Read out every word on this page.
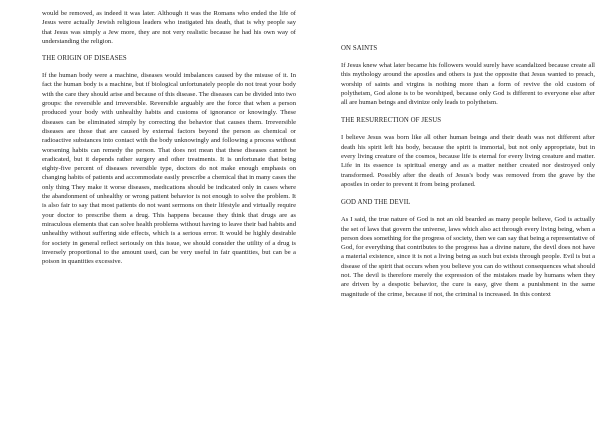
would be removed, as indeed it was later. Although it was the Romans who ended the life of Jesus were actually Jewish religious leaders who instigated his death, that is why people say that Jesus was simply a Jew more, they are not very realistic because he had his own way of understanding the religion.

THE ORIGIN OF DISEASES

If the human body were a machine, diseases would imbalances caused by the misuse of it. In fact the human body is a machine, but if biological unfortunately people do not treat your body with the care they should arise and because of this disease. The diseases can be divided into two groups: the reversible and irreversible. Reversible arguably are the force that when a person produced your body with unhealthy habits and customs of ignorance or knowingly. These diseases can be eliminated simply by correcting the behavior that causes them. Irreversible diseases are those that are caused by external factors beyond the person as chemical or radioactive substances into contact with the body unknowingly and following a process without worsening habits can remedy the person. That does not mean that these diseases cannot be eradicated, but it depends rather surgery and other treatments. It is unfortunate that being eighty-five percent of diseases reversible type, doctors do not make enough emphasis on changing habits of patients and accommodate easily prescribe a chemical that in many cases the only thing They make it worse diseases, medications should be indicated only in cases where the abandonment of unhealthy or wrong patient behavior is not enough to solve the problem. It is also fair to say that most patients do not want sermons on their lifestyle and virtually require your doctor to prescribe them a drug. This happens because they think that drugs are as miraculous elements that can solve health problems without having to leave their bad habits and unhealthy without suffering side effects, which is a serious error. It would be highly desirable for society in general reflect seriously on this issue, we should consider the utility of a drug is inversely proportional to the amount used, can be very useful in fair quantities, but can be a poison in quantities excessive.

ON SAINTS

If Jesus knew what later became his followers would surely have scandalized because create all this mythology around the apostles and others is just the opposite that Jesus wanted to preach, worship of saints and virgins is nothing more than a form of revive the old custom of polytheism, God alone is to be worshiped, because only God is different to everyone else after all are human beings and divinize only leads to polytheism.

THE RESURRECTION OF JESUS

I believe Jesus was born like all other human beings and their death was not different after death his spirit left his body, because the spirit is immortal, but not only appropriate, but in every living creature of the cosmos, because life is eternal for every living creature and matter. Life in its essence is spiritual energy and as a matter neither created nor destroyed only transformed. Possibly after the death of Jesus's body was removed from the grave by the apostles in order to prevent it from being profaned.

GOD AND THE DEVIL

As I said, the true nature of God is not an old bearded as many people believe, God is actually the set of laws that govern the universe, laws which also act through every living being, when a person does something for the progress of society, then we can say that being a representative of God, for everything that contributes to the progress has a divine nature, the devil does not have a material existence, since it is not a living being as such but exists through people. Evil is but a disease of the spirit that occurs when you believe you can do without consequences what should not. The devil is therefore merely the expression of the mistakes made by humans when they are driven by a despotic behavior, the cure is easy, give them a punishment in the same magnitude of the crime, because if not, the criminal is increased. In this context
